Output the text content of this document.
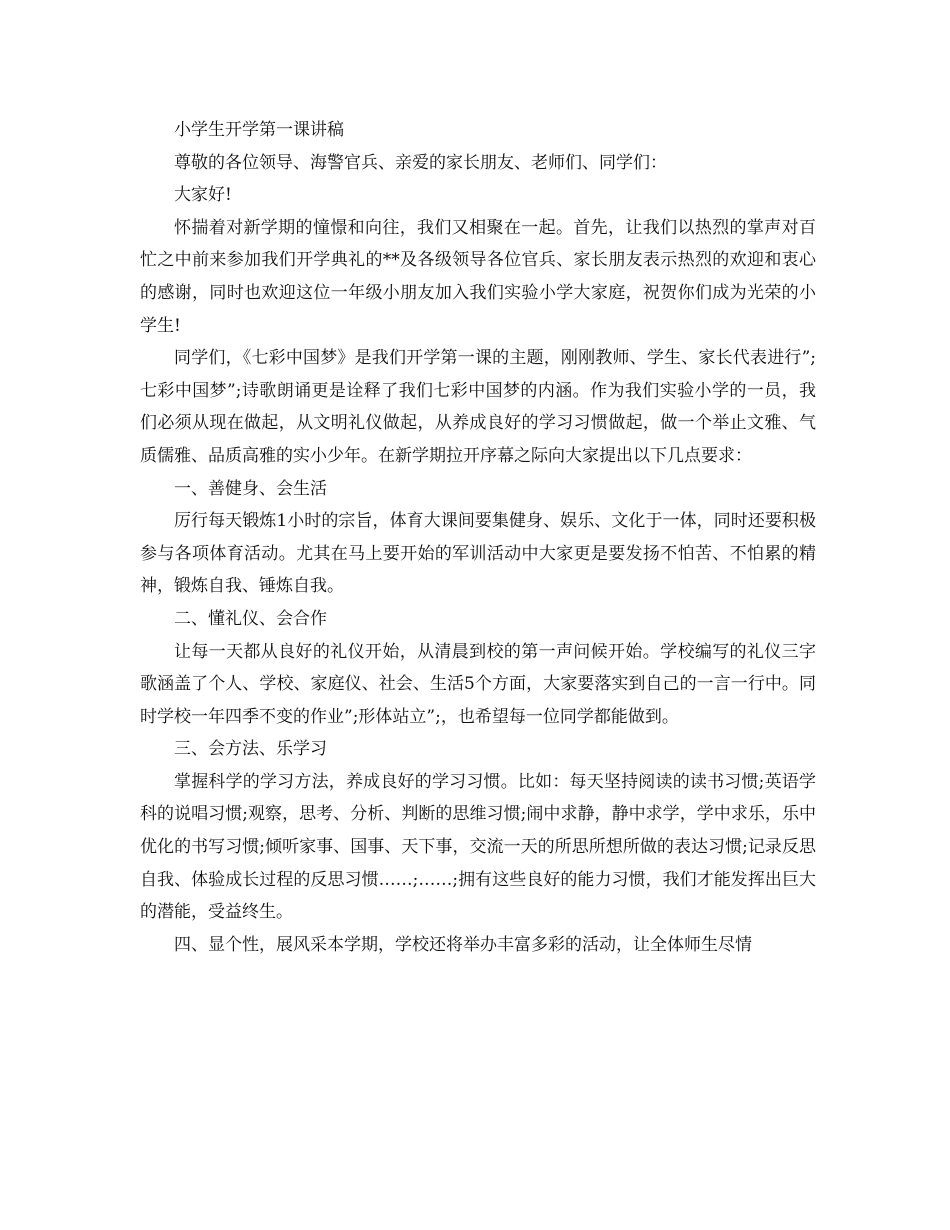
小学生开学第一课讲稿

尊敬的各位领导、海警官兵、亲爱的家长朋友、老师们、同学们：

大家好!

怀揣着对新学期的憧憬和向往，我们又相聚在一起。首先，让我们以热烈的掌声对百忙之中前来参加我们开学典礼的**及各级领导各位官兵、家长朋友表示热烈的欢迎和衷心的感谢，同时也欢迎这位一年级小朋友加入我们实验小学大家庭，祝贺你们成为光荣的小学生!

同学们，《七彩中国梦》是我们开学第一课的主题，刚刚教师、学生、家长代表进行”;七彩中国梦”;诗歌朗诵更是诠释了我们七彩中国梦的内涵。作为我们实验小学的一员，我们必须从现在做起，从文明礼仪做起，从养成良好的学习习惯做起，做一个举止文雅、气质儒雅、品质高雅的实小少年。在新学期拉开序幕之际向大家提出以下几点要求：

一、善健身、会生活

厉行每天锻炼1小时的宗旨，体育大课间要集健身、娱乐、文化于一体，同时还要积极参与各项体育活动。尤其在马上要开始的军训活动中大家更是要发扬不怕苦、不怕累的精神，锻炼自我、锤炼自我。

二、懂礼仪、会合作

让每一天都从良好的礼仪开始，从清晨到校的第一声问候开始。学校编写的礼仪三字歌涵盖了个人、学校、家庭仪、社会、生活5个方面，大家要落实到自己的一言一行中。同时学校一年四季不变的作业”;形体站立”;，也希望每一位同学都能做到。

三、会方法、乐学习

掌握科学的学习方法，养成良好的学习习惯。比如：每天坚持阅读的读书习惯;英语学科的说唱习惯;观察，思考、分析、判断的思维习惯;闹中求静，静中求学，学中求乐，乐中优化的书写习惯;倾听家事、国事、天下事，交流一天的所思所想所做的表达习惯;记录反思自我、体验成长过程的反思习惯……;……;拥有这些良好的能力习惯，我们才能发挥出巨大的潜能，受益终生。

四、显个性，展风采本学期，学校还将举办丰富多彩的活动，让全体师生尽情
